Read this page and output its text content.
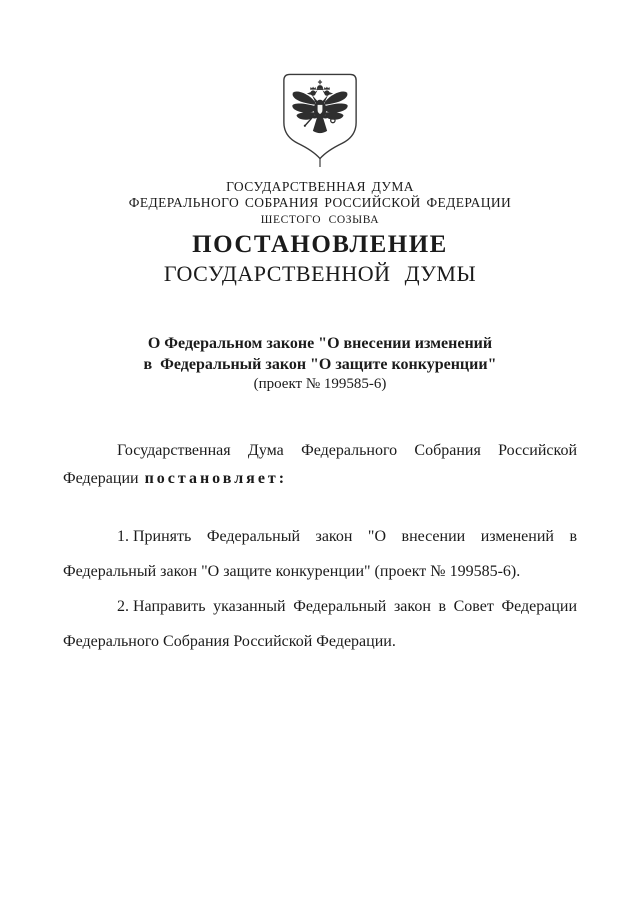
ГОСУДАРСТВЕННАЯ ДУМА
ФЕДЕРАЛЬНОГО СОБРАНИЯ РОССИЙСКОЙ ФЕДЕРАЦИИ
ШЕСТОГО СОЗЫВА
ПОСТАНОВЛЕНИЕ
ГОСУДАРСТВЕННОЙ ДУМЫ
О Федеральном законе "О внесении изменений
в  Федеральный закон "О защите конкуренции"
(проект № 199585-6)
Государственная Дума Федерального Собрания Российской
Федерации постановляет:
1. Принять Федеральный закон "О внесении изменений в
Федеральный закон "О защите конкуренции" (проект № 199585-6).
2. Направить указанный Федеральный закон в Совет Федерации
Федерального Собрания Российской Федерации.
